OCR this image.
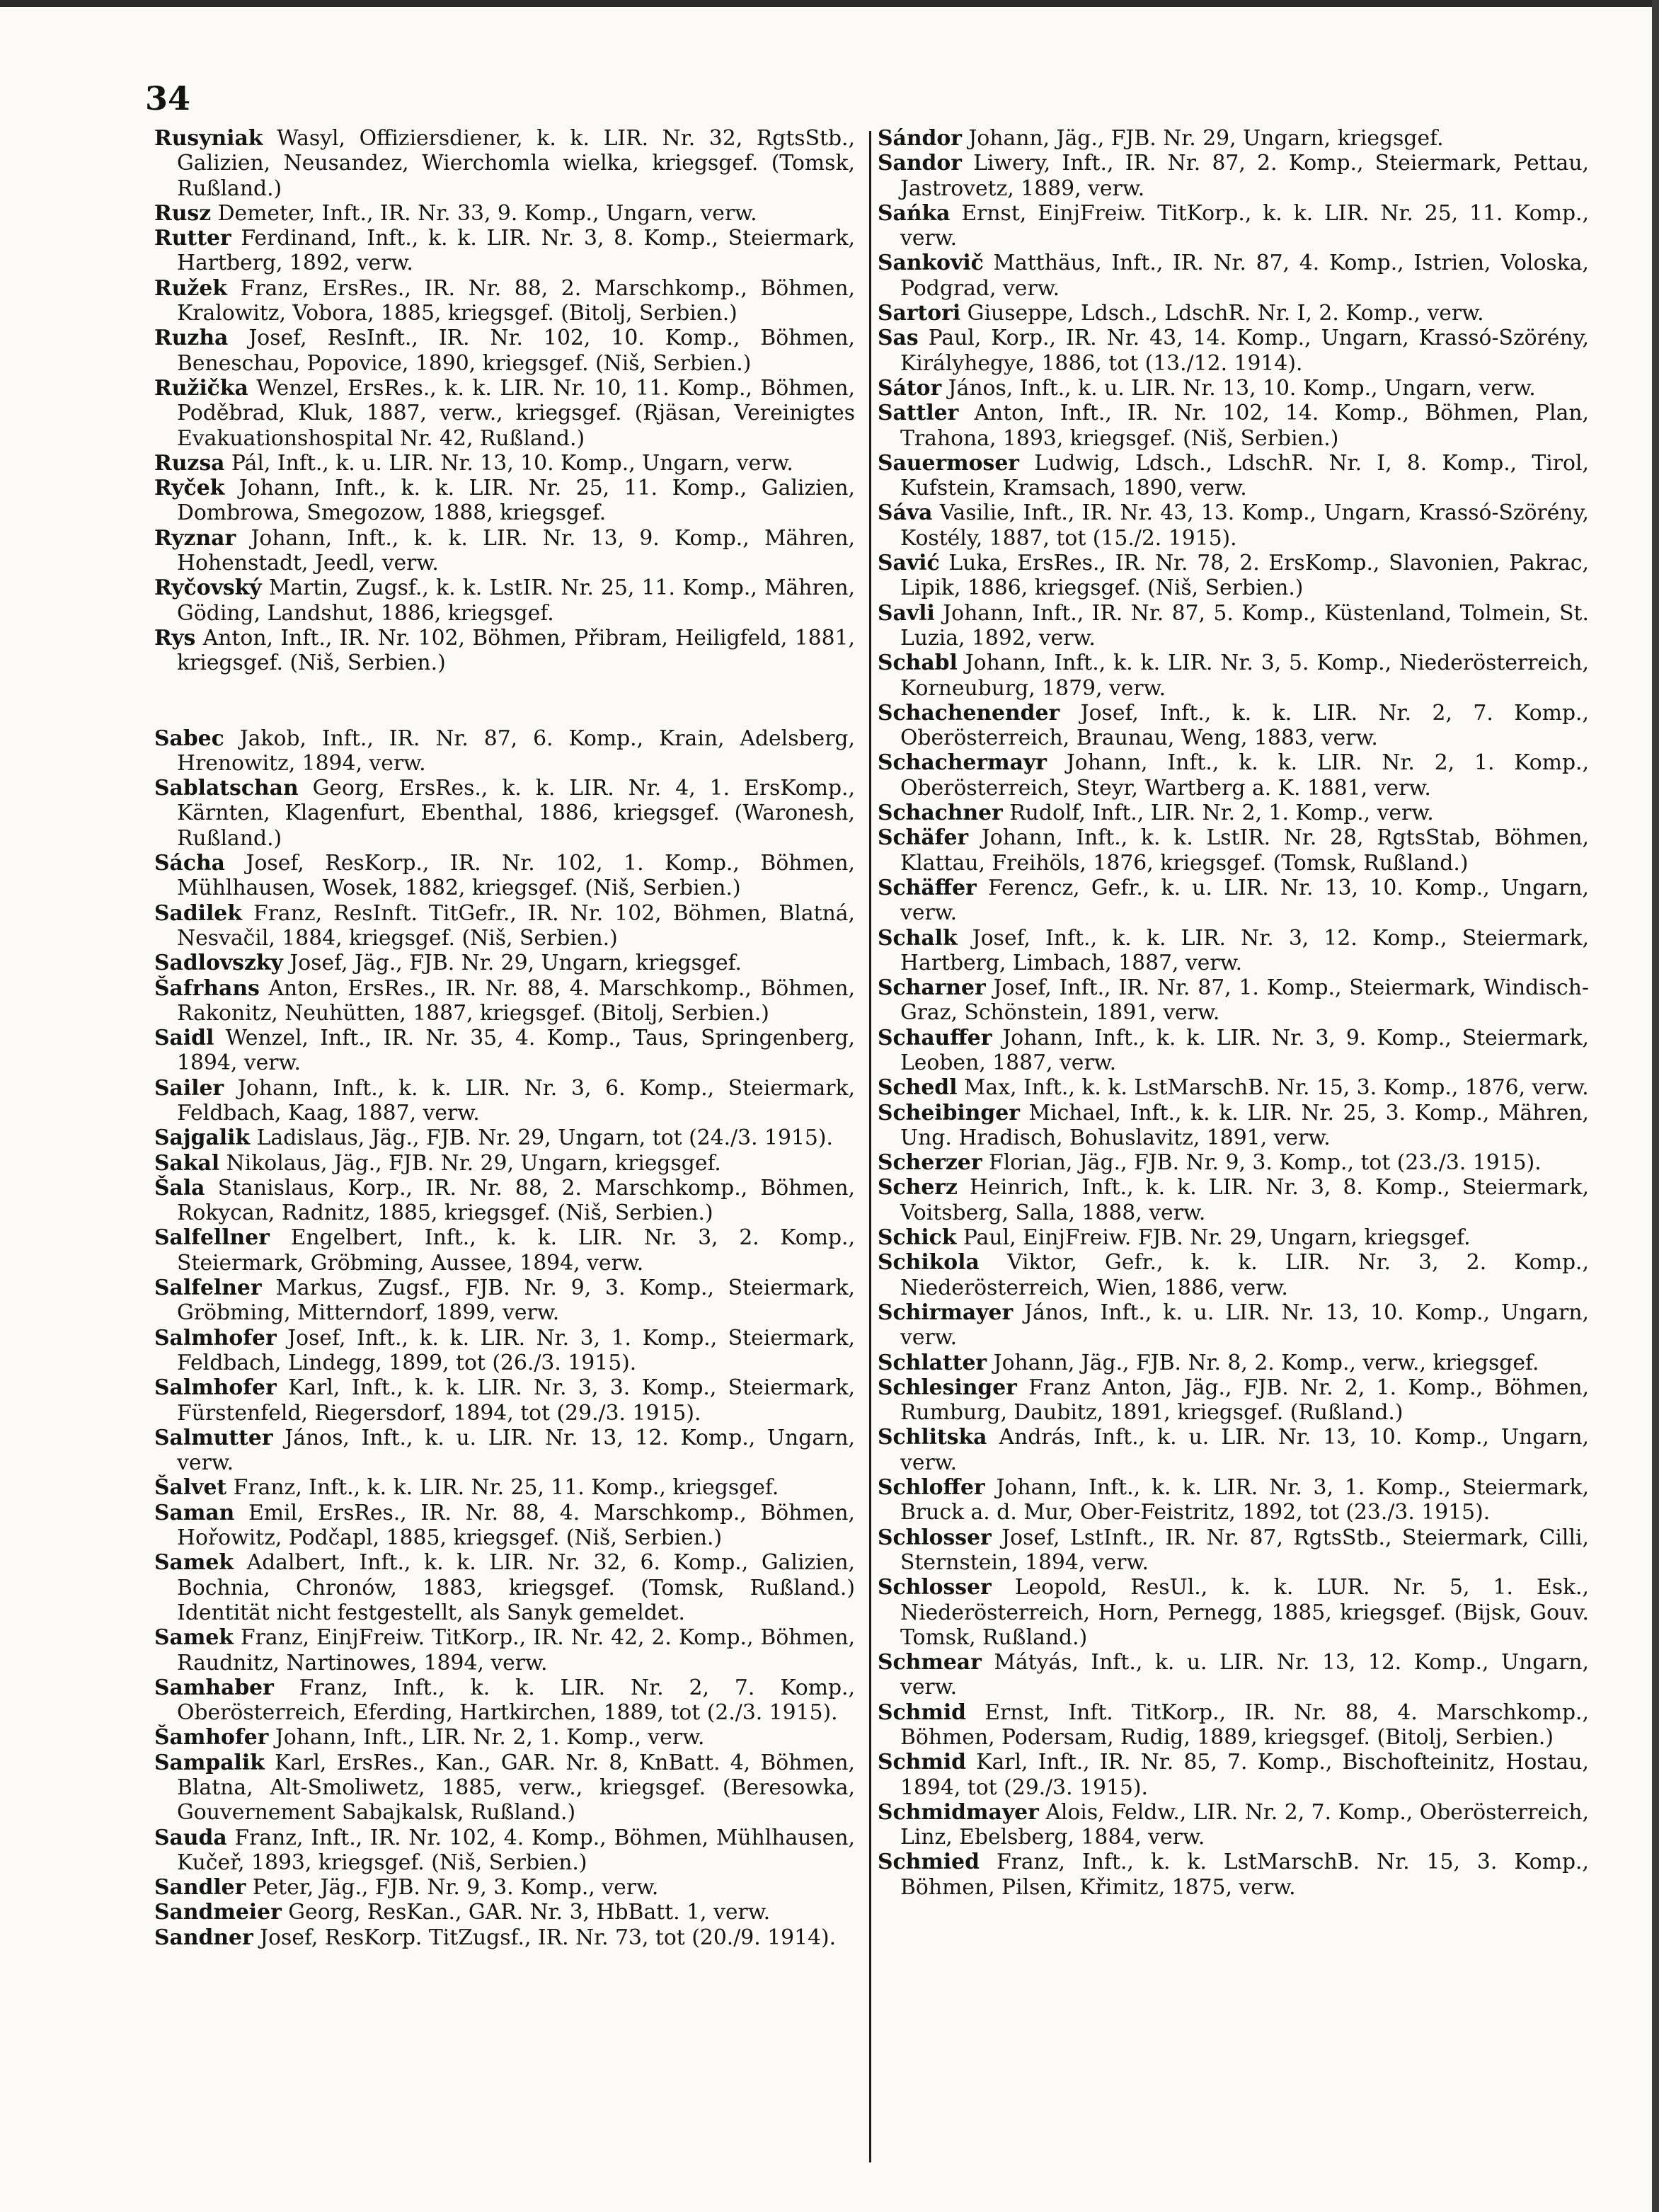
34

Rusyniak Wasyl, Offiziersdiener, k. k. LIR. Nr. 32, RgtsStb., Galizien, Neusandez, Wierchomla wielka, kriegsgef. (Tomsk, Rußland.)

Rusz Demeter, Inft., IR. Nr. 33, 9. Komp., Ungarn, verw.

Rutter Ferdinand, Inft., k. k. LIR. Nr. 3, 8. Komp., Steiermark, Hartberg, 1892, verw.

Ružek Franz, ErsRes., IR. Nr. 88, 2. Marschkomp., Böhmen, Kralowitz, Vobora, 1885, kriegsgef. (Bitolj, Serbien.)

Ruzha Josef, ResInft., IR. Nr. 102, 10. Komp., Böhmen, Beneschau, Popovice, 1890, kriegsgef. (Niš, Serbien.)

Ružička Wenzel, ErsRes., k. k. LIR. Nr. 10, 11. Komp., Böhmen, Poděbrad, Kluk, 1887, verw., kriegsgef. (Rjäsan, Vereinigtes Evakuationshospital Nr. 42, Rußland.)

Ruzsa Pál, Inft., k. u. LIR. Nr. 13, 10. Komp., Ungarn, verw.

Ryček Johann, Inft., k. k. LIR. Nr. 25, 11. Komp., Galizien, Dombrowa, Smegozow, 1888, kriegsgef.

Ryznar Johann, Inft., k. k. LIR. Nr. 13, 9. Komp., Mähren, Hohenstadt, Jeedl, verw.

Ryčovský Martin, Zugsf., k. k. LstIR. Nr. 25, 11. Komp., Mähren, Göding, Landshut, 1886, kriegsgef.

Rys Anton, Inft., IR. Nr. 102, Böhmen, Přibram, Heiligfeld, 1881, kriegsgef. (Niš, Serbien.)

Sabec Jakob, Inft., IR. Nr. 87, 6. Komp., Krain, Adelsberg, Hrenowitz, 1894, verw.

Sablatschan Georg, ErsRes., k. k. LIR. Nr. 4, 1. ErsKomp., Kärnten, Klagenfurt, Ebenthal, 1886, kriegsgef. (Waronesh, Rußland.)

Sácha Josef, ResKorp., IR. Nr. 102, 1. Komp., Böhmen, Mühlhausen, Wosek, 1882, kriegsgef. (Niš, Serbien.)

Sadilek Franz, ResInft. TitGefr., IR. Nr. 102, Böhmen, Blatná, Nesvačil, 1884, kriegsgef. (Niš, Serbien.)

Sadlovszky Josef, Jäg., FJB. Nr. 29, Ungarn, kriegsgef.

Šafrhans Anton, ErsRes., IR. Nr. 88, 4. Marschkomp., Böhmen, Rakonitz, Neuhütten, 1887, kriegsgef. (Bitolj, Serbien.)

Saidl Wenzel, Inft., IR. Nr. 35, 4. Komp., Taus, Springenberg, 1894, verw.

Sailer Johann, Inft., k. k. LIR. Nr. 3, 6. Komp., Steiermark, Feldbach, Kaag, 1887, verw.

Sajgalik Ladislaus, Jäg., FJB. Nr. 29, Ungarn, tot (24./3. 1915).

Sakal Nikolaus, Jäg., FJB. Nr. 29, Ungarn, kriegsgef.

Šala Stanislaus, Korp., IR. Nr. 88, 2. Marschkomp., Böhmen, Rokycan, Radnitz, 1885, kriegsgef. (Niš, Serbien.)

Salfellner Engelbert, Inft., k. k. LIR. Nr. 3, 2. Komp., Steiermark, Gröbming, Aussee, 1894, verw.

Salfelner Markus, Zugsf., FJB. Nr. 9, 3. Komp., Steiermark, Gröbming, Mitterndorf, 1899, verw.

Salmhofer Josef, Inft., k. k. LIR. Nr. 3, 1. Komp., Steiermark, Feldbach, Lindegg, 1899, tot (26./3. 1915).

Salmhofer Karl, Inft., k. k. LIR. Nr. 3, 3. Komp., Steiermark, Fürstenfeld, Riegersdorf, 1894, tot (29./3. 1915).

Salmutter János, Inft., k. u. LIR. Nr. 13, 12. Komp., Ungarn, verw.

Šalvet Franz, Inft., k. k. LIR. Nr. 25, 11. Komp., kriegsgef.

Saman Emil, ErsRes., IR. Nr. 88, 4. Marschkomp., Böhmen, Hořowitz, Podčapl, 1885, kriegsgef. (Niš, Serbien.)

Samek Adalbert, Inft., k. k. LIR. Nr. 32, 6. Komp., Galizien, Bochnia, Chronów, 1883, kriegsgef. (Tomsk, Rußland.) Identität nicht festgestellt, als Sanyk gemeldet.

Samek Franz, EinjFreiw. TitKorp., IR. Nr. 42, 2. Komp., Böhmen, Raudnitz, Nartinowes, 1894, verw.

Samhaber Franz, Inft., k. k. LIR. Nr. 2, 7. Komp., Oberösterreich, Eferding, Hartkirchen, 1889, tot (2./3. 1915).

Šamhofer Johann, Inft., LIR. Nr. 2, 1. Komp., verw.

Sampalik Karl, ErsRes., Kan., GAR. Nr. 8, KnBatt. 4, Böhmen, Blatna, Alt-Smoliwetz, 1885, verw., kriegsgef. (Beresowka, Gouvernement Sabajkalsk, Rußland.)

Sauda Franz, Inft., IR. Nr. 102, 4. Komp., Böhmen, Mühlhausen, Kučeř, 1893, kriegsgef. (Niš, Serbien.)

Sandler Peter, Jäg., FJB. Nr. 9, 3. Komp., verw.

Sandmeier Georg, ResKan., GAR. Nr. 3, HbBatt. 1, verw.

Sandner Josef, ResKorp. TitZugsf., IR. Nr. 73, tot (20./9. 1914).

Sándor Johann, Jäg., FJB. Nr. 29, Ungarn, kriegsgef.

Sandor Liwery, Inft., IR. Nr. 87, 2. Komp., Steiermark, Pettau, Jastrovetz, 1889, verw.

Sańka Ernst, EinjFreiw. TitKorp., k. k. LIR. Nr. 25, 11. Komp., verw.

Sankovič Matthäus, Inft., IR. Nr. 87, 4. Komp., Istrien, Voloska, Podgrad, verw.

Sartori Giuseppe, Ldsch., LdschR. Nr. I, 2. Komp., verw.

Sas Paul, Korp., IR. Nr. 43, 14. Komp., Ungarn, Krassó-Szörény, Királyhegye, 1886, tot (13./12. 1914).

Sátor János, Inft., k. u. LIR. Nr. 13, 10. Komp., Ungarn, verw.

Sattler Anton, Inft., IR. Nr. 102, 14. Komp., Böhmen, Plan, Trahona, 1893, kriegsgef. (Niš, Serbien.)

Sauermoser Ludwig, Ldsch., LdschR. Nr. I, 8. Komp., Tirol, Kufstein, Kramsach, 1890, verw.

Sáva Vasilie, Inft., IR. Nr. 43, 13. Komp., Ungarn, Krassó-Szörény, Kostély, 1887, tot (15./2. 1915).

Savić Luka, ErsRes., IR. Nr. 78, 2. ErsKomp., Slavonien, Pakrac, Lipik, 1886, kriegsgef. (Niš, Serbien.)

Savli Johann, Inft., IR. Nr. 87, 5. Komp., Küstenland, Tolmein, St. Luzia, 1892, verw.

Schabl Johann, Inft., k. k. LIR. Nr. 3, 5. Komp., Niederösterreich, Korneuburg, 1879, verw.

Schachenender Josef, Inft., k. k. LIR. Nr. 2, 7. Komp., Oberösterreich, Braunau, Weng, 1883, verw.

Schachermayr Johann, Inft., k. k. LIR. Nr. 2, 1. Komp., Oberösterreich, Steyr, Wartberg a. K. 1881, verw.

Schachner Rudolf, Inft., LIR. Nr. 2, 1. Komp., verw.

Schäfer Johann, Inft., k. k. LstIR. Nr. 28, RgtsStab, Böhmen, Klattau, Freihöls, 1876, kriegsgef. (Tomsk, Rußland.)

Schäffer Ferencz, Gefr., k. u. LIR. Nr. 13, 10. Komp., Ungarn, verw.

Schalk Josef, Inft., k. k. LIR. Nr. 3, 12. Komp., Steiermark, Hartberg, Limbach, 1887, verw.

Scharner Josef, Inft., IR. Nr. 87, 1. Komp., Steiermark, Windisch-Graz, Schönstein, 1891, verw.

Schauffer Johann, Inft., k. k. LIR. Nr. 3, 9. Komp., Steiermark, Leoben, 1887, verw.

Schedl Max, Inft., k. k. LstMarschB. Nr. 15, 3. Komp., 1876, verw.

Scheibinger Michael, Inft., k. k. LIR. Nr. 25, 3. Komp., Mähren, Ung. Hradisch, Bohuslavitz, 1891, verw.

Scherzer Florian, Jäg., FJB. Nr. 9, 3. Komp., tot (23./3. 1915).

Scherz Heinrich, Inft., k. k. LIR. Nr. 3, 8. Komp., Steiermark, Voitsberg, Salla, 1888, verw.

Schick Paul, EinjFreiw. FJB. Nr. 29, Ungarn, kriegsgef.

Schikola Viktor, Gefr., k. k. LIR. Nr. 3, 2. Komp., Niederösterreich, Wien, 1886, verw.

Schirmayer János, Inft., k. u. LIR. Nr. 13, 10. Komp., Ungarn, verw.

Schlatter Johann, Jäg., FJB. Nr. 8, 2. Komp., verw., kriegsgef.

Schlesinger Franz Anton, Jäg., FJB. Nr. 2, 1. Komp., Böhmen, Rumburg, Daubitz, 1891, kriegsgef. (Rußland.)

Schlitska András, Inft., k. u. LIR. Nr. 13, 10. Komp., Ungarn, verw.

Schloffer Johann, Inft., k. k. LIR. Nr. 3, 1. Komp., Steiermark, Bruck a. d. Mur, Ober-Feistritz, 1892, tot (23./3. 1915).

Schlosser Josef, LstInft., IR. Nr. 87, RgtsStb., Steiermark, Cilli, Sternstein, 1894, verw.

Schlosser Leopold, ResUl., k. k. LUR. Nr. 5, 1. Esk., Niederösterreich, Horn, Pernegg, 1885, kriegsgef. (Bijsk, Gouv. Tomsk, Rußland.)

Schmear Mátyás, Inft., k. u. LIR. Nr. 13, 12. Komp., Ungarn, verw.

Schmid Ernst, Inft. TitKorp., IR. Nr. 88, 4. Marschkomp., Böhmen, Podersam, Rudig, 1889, kriegsgef. (Bitolj, Serbien.)

Schmid Karl, Inft., IR. Nr. 85, 7. Komp., Bischofteinitz, Hostau, 1894, tot (29./3. 1915).

Schmidmayer Alois, Feldw., LIR. Nr. 2, 7. Komp., Oberösterreich, Linz, Ebelsberg, 1884, verw.

Schmied Franz, Inft., k. k. LstMarschB. Nr. 15, 3. Komp., Böhmen, Pilsen, Křimitz, 1875, verw.
